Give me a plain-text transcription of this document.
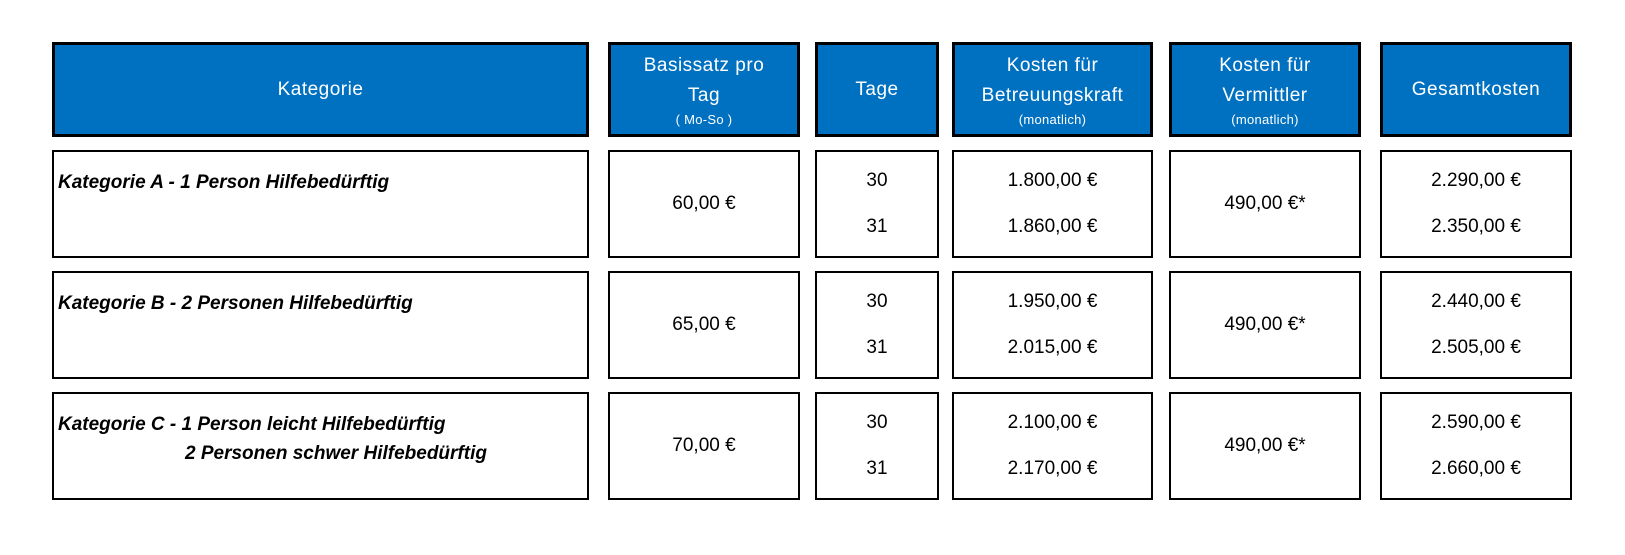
Kategorie
Basissatz pro
Tag
( Mo-So )
Tage
Kosten für
Betreuungskraft
(monatlich)
Kosten für
Vermittler
(monatlich)
Gesamtkosten
Kategorie A - 1 Person Hilfebedürftig
60,00 €
30
31
1.800,00 €
1.860,00 €
490,00 €*
2.290,00 €
2.350,00 €
Kategorie B - 2 Personen Hilfebedürftig
65,00 €
30
31
1.950,00 €
2.015,00 €
490,00 €*
2.440,00 €
2.505,00 €
Kategorie C - 1 Person leicht Hilfebedürftig
2 Personen schwer Hilfebedürftig	70,00 €
30
31
2.100,00 €
2.170,00 €
490,00 €*
2.590,00 €
2.660,00 €
